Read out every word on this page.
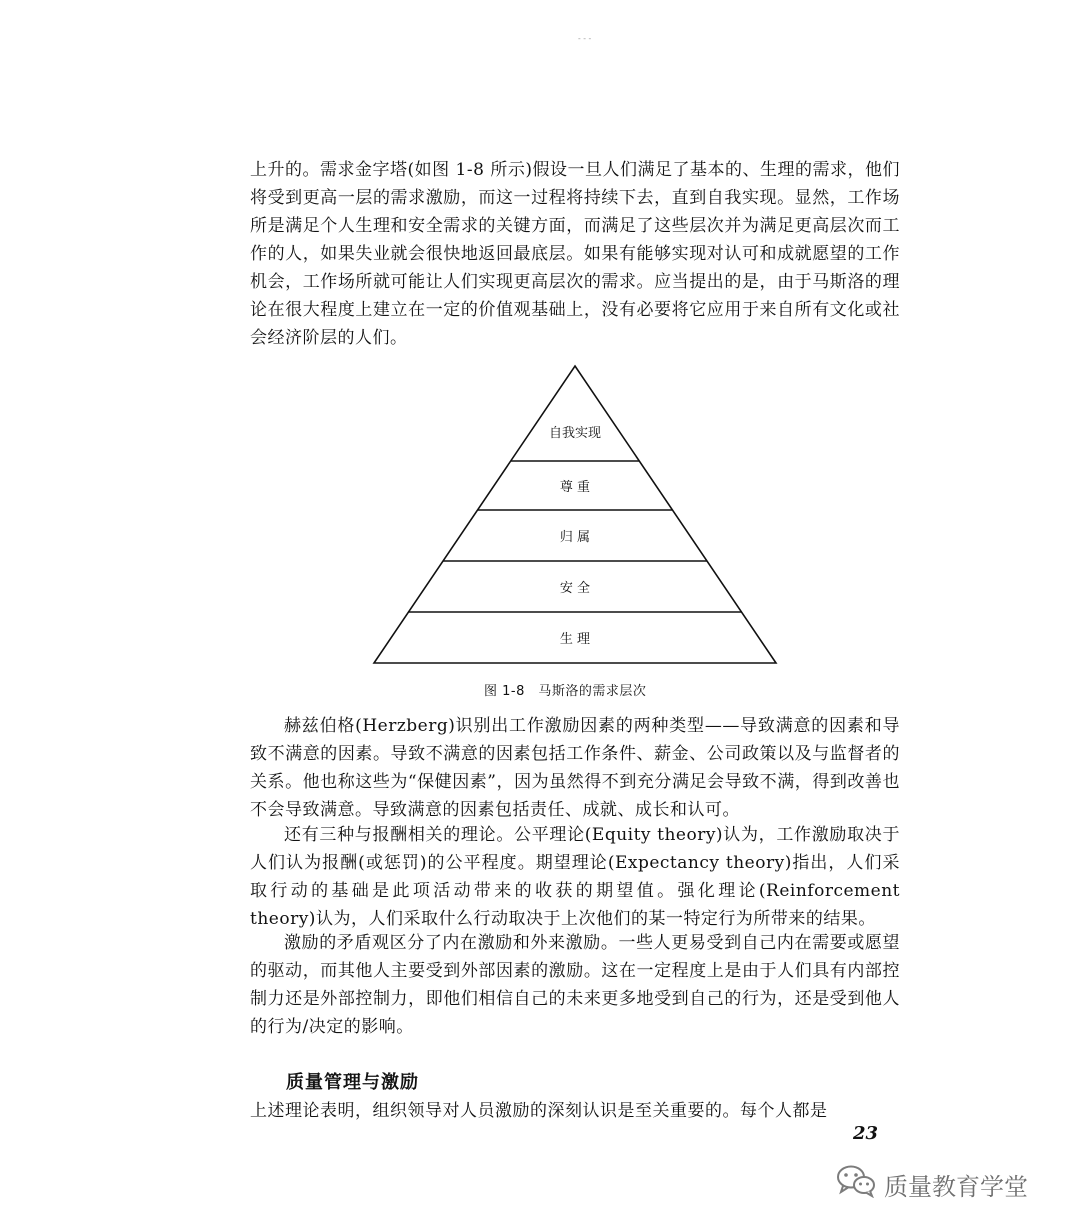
- - -
上升的。需求金字塔(如图 1-8 所示)假设一旦人们满足了基本的、生理的需求，他们将受到更高一层的需求激励，而这一过程将持续下去，直到自我实现。显然，工作场所是满足个人生理和安全需求的关键方面，而满足了这些层次并为满足更高层次而工作的人，如果失业就会很快地返回最底层。如果有能够实现对认可和成就愿望的工作机会，工作场所就可能让人们实现更高层次的需求。应当提出的是，由于马斯洛的理论在很大程度上建立在一定的价值观基础上，没有必要将它应用于来自所有文化或社会经济阶层的人们。
自我实现
尊 重
归 属
安 全
生 理
图 1-8　马斯洛的需求层次
赫兹伯格(Herzberg)识别出工作激励因素的两种类型——导致满意的因素和导致不满意的因素。导致不满意的因素包括工作条件、薪金、公司政策以及与监督者的关系。他也称这些为“保健因素”，因为虽然得不到充分满足会导致不满，得到改善也不会导致满意。导致满意的因素包括责任、成就、成长和认可。
还有三种与报酬相关的理论。公平理论(Equity theory)认为，工作激励取决于人们认为报酬(或惩罚)的公平程度。期望理论(Expectancy theory)指出，人们采取行动的基础是此项活动带来的收获的期望值。强化理论(Reinforcement theory)认为，人们采取什么行动取决于上次他们的某一特定行为所带来的结果。
激励的矛盾观区分了内在激励和外来激励。一些人更易受到自己内在需要或愿望的驱动，而其他人主要受到外部因素的激励。这在一定程度上是由于人们具有内部控制力还是外部控制力，即他们相信自己的未来更多地受到自己的行为，还是受到他人的行为/决定的影响。
质量管理与激励
上述理论表明，组织领导对人员激励的深刻认识是至关重要的。每个人都是
23
质量教育学堂
